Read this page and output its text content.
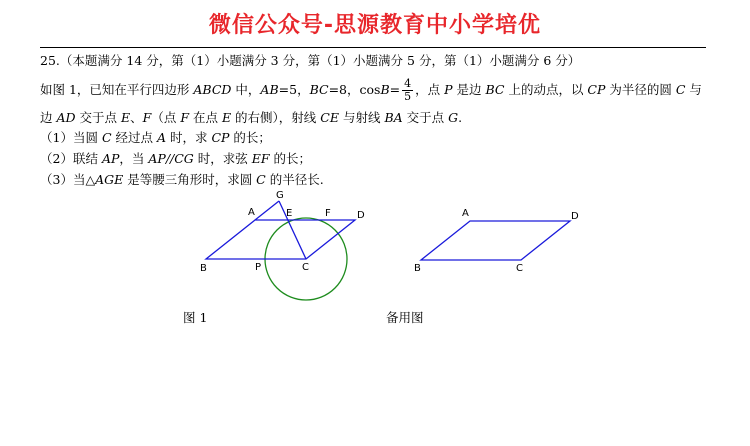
微信公众号-思源教育中小学培优
25.（本题满分 14 分，第（1）小题满分 3 分，第（1）小题满分 5 分，第（1）小题满分 6 分）
如图 1，已知在平行四边形 ABCD 中，AB=5，BC=8，$\cos B= \frac{4}{5}$ ，点 P 是边 BC 上的动点，以 CP 为半径的圆 C 与
边 AD 交于点 E、F（点 F 在点 E 的右侧），射线 CE 与射线 BA 交于点 G.
（1）当圆 C 经过点 A 时，求 CP 的长；
（2）联结 AP，当 AP//CG 时，求弦 EF 的长；
（3）当△AGE 是等腰三角形时，求圆 C 的半径长.
A
B	C
D
E	F
G
P
A
B	C
D
图 1	备用图
